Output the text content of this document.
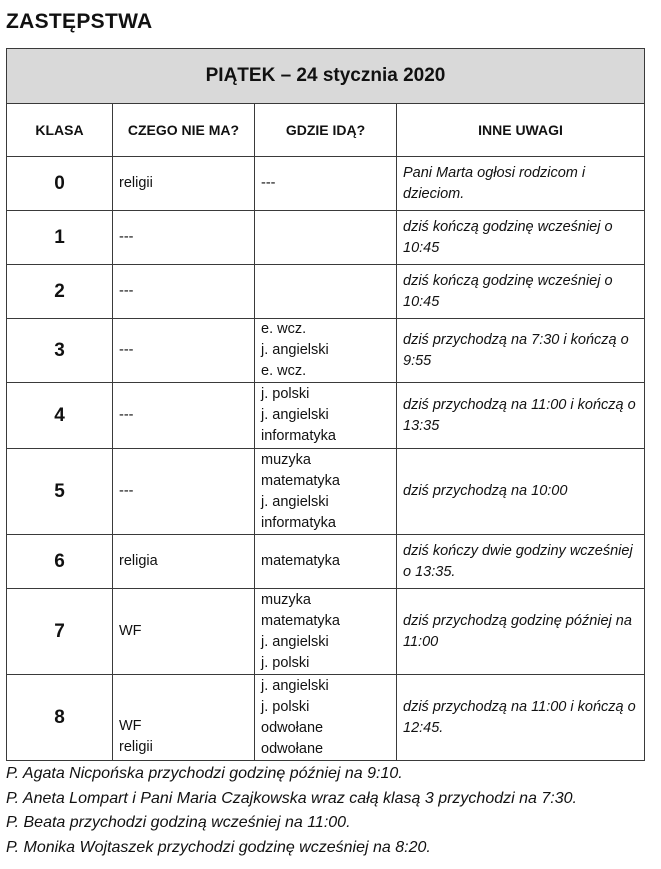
ZASTĘPSTWA
PIĄTEK – 24 stycznia 2020			
KLASA	CZEGO NIE MA?	GDZIE IDĄ?	INNE UWAGI
0	religii	---	Pani Marta ogłosi rodzicom i dzieciom.
1	---		dziś kończą godzinę wcześniej o 10:45
2	---		dziś kończą godzinę wcześniej o 10:45
3	---	e. wcz.
j. angielski
e. wcz.	dziś przychodzą na 7:30 i kończą o 9:55
4	---	j. polski
j. angielski
informatyka	dziś przychodzą na 11:00 i kończą o 13:35
5	---	muzyka
matematyka
j. angielski
informatyka	dziś przychodzą na 10:00
6	religia	matematyka	dziś kończy dwie godziny wcześniej o 13:35.
7	WF	muzyka
matematyka
j. angielski
j. polski	dziś przychodzą godzinę później na 11:00
8	WF
religii	j. angielski
j. polski
odwołane
odwołane	dziś przychodzą na 11:00 i kończą o 12:45.
P. Agata Nicpońska przychodzi godzinę później na 9:10.
P. Aneta Lompart i Pani Maria Czajkowska wraz całą klasą 3 przychodzi na 7:30.
P. Beata przychodzi godziną wcześniej na 11:00.
P. Monika Wojtaszek przychodzi godzinę wcześniej na 8:20.
